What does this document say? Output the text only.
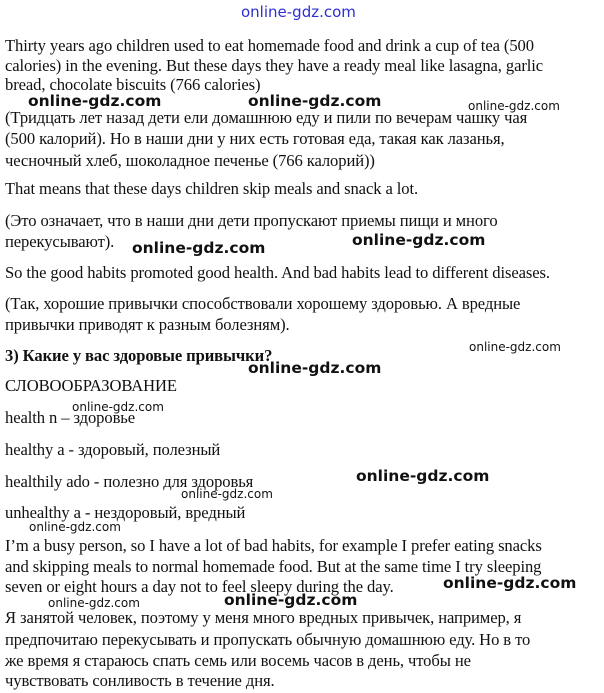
online-gdz.com
Thirty years ago children used to eat homemade food and drink a cup of tea (500
calories) in the evening. But these days they have a ready meal like lasagna, garlic
bread, chocolate biscuits (766 calories)
(Тридцать лет назад дети ели домашнюю еду и пили по вечерам чашку чая
(500 калорий). Но в наши дни у них есть готовая еда, такая как лазанья,
чесночный хлеб, шоколадное печенье (766 калорий))
That means that these days children skip meals and snack a lot.
(Это означает, что в наши дни дети пропускают приемы пищи и много
перекусывают).
So the good habits promoted good health. And bad habits lead to different diseases.
(Так, хорошие привычки способствовали хорошему здоровью. А вредные
привычки приводят к разным болезням).
3) Какие у вас здоровые привычки?
СЛОВООБРАЗОВАНИЕ
health n – здоровье
healthy a - здоровый, полезный
healthily adо - полезно для здоровья
unhealthy a - нездоровый, вредный
I’m a busy person, so I have a lot of bad habits, for example I prefer eating snacks
and skipping meals to normal homemade food. But at the same time I try sleeping
seven or eight hours a day not to feel sleepy during the day.
Я занятой человек, поэтому у меня много вредных привычек, например, я
предпочитаю перекусывать и пропускать обычную домашнюю еду. Но в то
же время я стараюсь спать семь или восемь часов в день, чтобы не
чувствовать сонливость в течение дня.
online-gdz.com	online-gdz.com	online-gdz.com
online-gdz.com	online-gdz.com
online-gdz.com
online-gdz.com
online-gdz.com
online-gdz.com
online-gdz.com
online-gdz.com
online-gdz.com
online-gdz.com	online-gdz.com
